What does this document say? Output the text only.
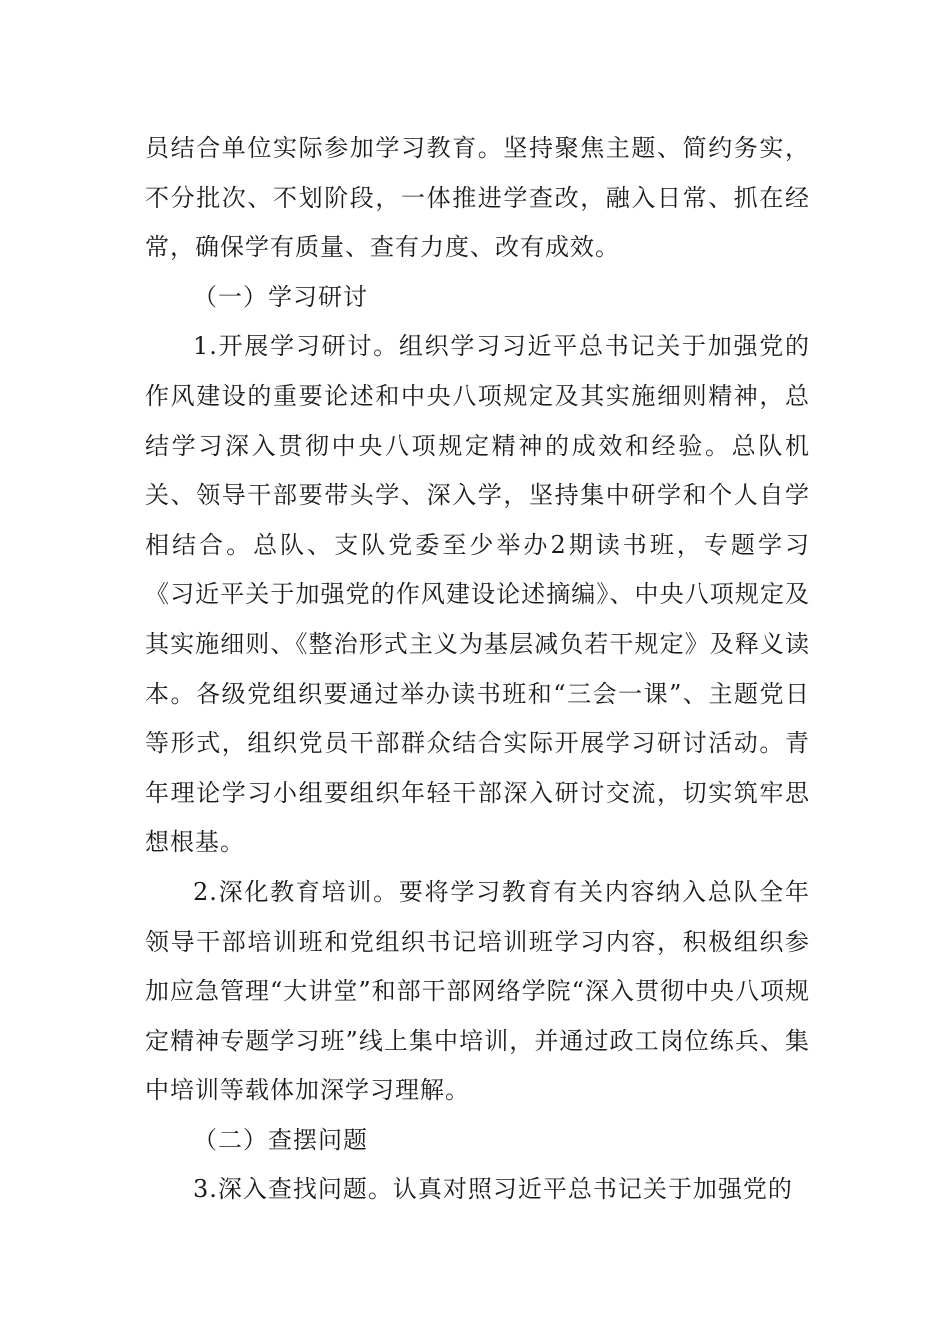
员结合单位实际参加学习教育。坚持聚焦主题、简约务实，不分批次、不划阶段，一体推进学查改，融入日常、抓在经常，确保学有质量、查有力度、改有成效。

（一）学习研讨

1.开展学习研讨。组织学习习近平总书记关于加强党的作风建设的重要论述和中央八项规定及其实施细则精神，总结学习深入贯彻中央八项规定精神的成效和经验。总队机关、领导干部要带头学、深入学，坚持集中研学和个人自学相结合。总队、支队党委至少举办2期读书班，专题学习《习近平关于加强党的作风建设论述摘编》、中央八项规定及其实施细则、《整治形式主义为基层减负若干规定》及释义读本。各级党组织要通过举办读书班和“三会一课”、主题党日等形式，组织党员干部群众结合实际开展学习研讨活动。青年理论学习小组要组织年轻干部深入研讨交流，切实筑牢思想根基。

2.深化教育培训。要将学习教育有关内容纳入总队全年领导干部培训班和党组织书记培训班学习内容，积极组织参加应急管理“大讲堂”和部干部网络学院“深入贯彻中央八项规定精神专题学习班”线上集中培训，并通过政工岗位练兵、集中培训等载体加深学习理解。

（二）查摆问题

3.深入查找问题。认真对照习近平总书记关于加强党的
